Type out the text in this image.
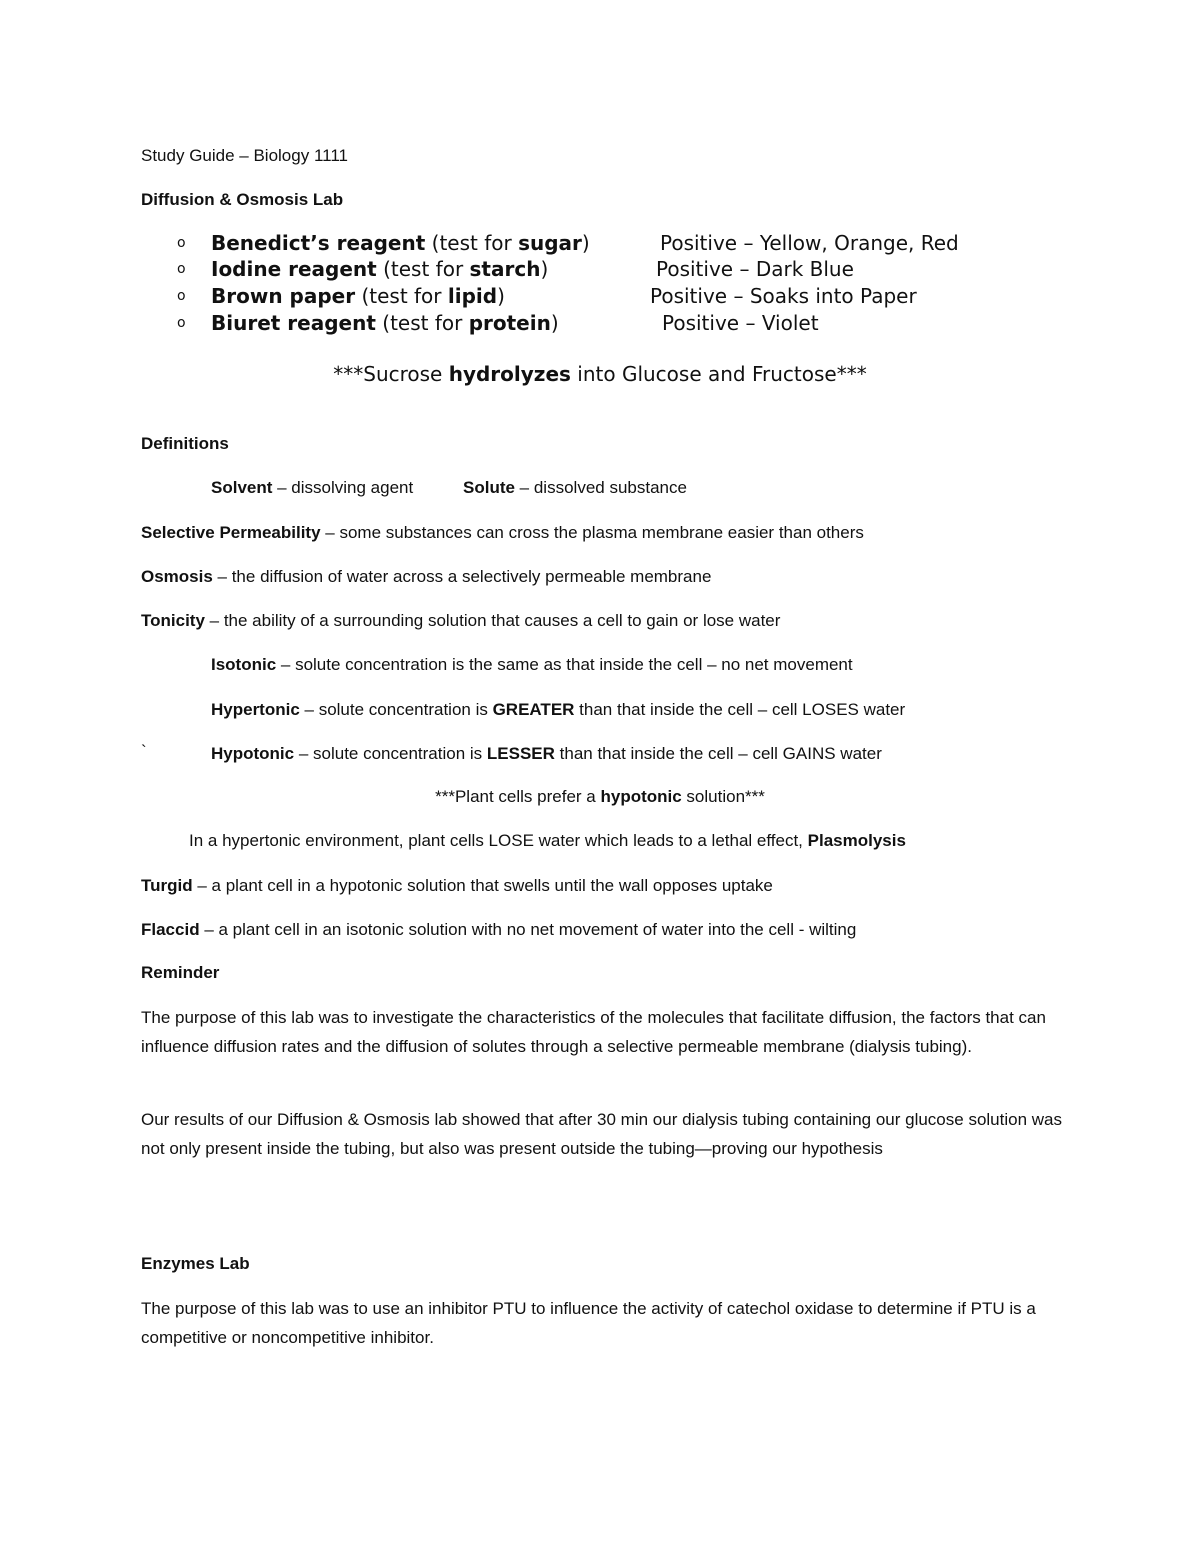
Study Guide – Biology 1111
Diffusion & Osmosis Lab
o Benedict’s reagent (test for sugar)	Positive – Yellow, Orange, Red
o Iodine reagent (test for starch)	Positive – Dark Blue
o Brown paper (test for lipid)	Positive – Soaks into Paper
o Biuret reagent (test for protein)	Positive – Violet
***Sucrose hydrolyzes into Glucose and Fructose***
Definitions
Solvent – dissolving agent	Solute – dissolved substance
Selective Permeability – some substances can cross the plasma membrane easier than others
Osmosis – the diffusion of water across a selectively permeable membrane
Tonicity – the ability of a surrounding solution that causes a cell to gain or lose water
Isotonic – solute concentration is the same as that inside the cell – no net movement
Hypertonic – solute concentration is GREATER than that inside the cell – cell LOSES water
`	Hypotonic – solute concentration is LESSER than that inside the cell – cell GAINS water
***Plant cells prefer a hypotonic solution***
In a hypertonic environment, plant cells LOSE water which leads to a lethal effect, Plasmolysis
Turgid – a plant cell in a hypotonic solution that swells until the wall opposes uptake
Flaccid – a plant cell in an isotonic solution with no net movement of water into the cell - wilting
Reminder
The purpose of this lab was to investigate the characteristics of the molecules that facilitate diffusion, the factors that can influence diffusion rates and the diffusion of solutes through a selective permeable membrane (dialysis tubing).
Our results of our Diffusion & Osmosis lab showed that after 30 min our dialysis tubing containing our glucose solution was not only present inside the tubing, but also was present outside the tubing—proving our hypothesis
Enzymes Lab
The purpose of this lab was to use an inhibitor PTU to influence the activity of catechol oxidase to determine if PTU is a competitive or noncompetitive inhibitor.
